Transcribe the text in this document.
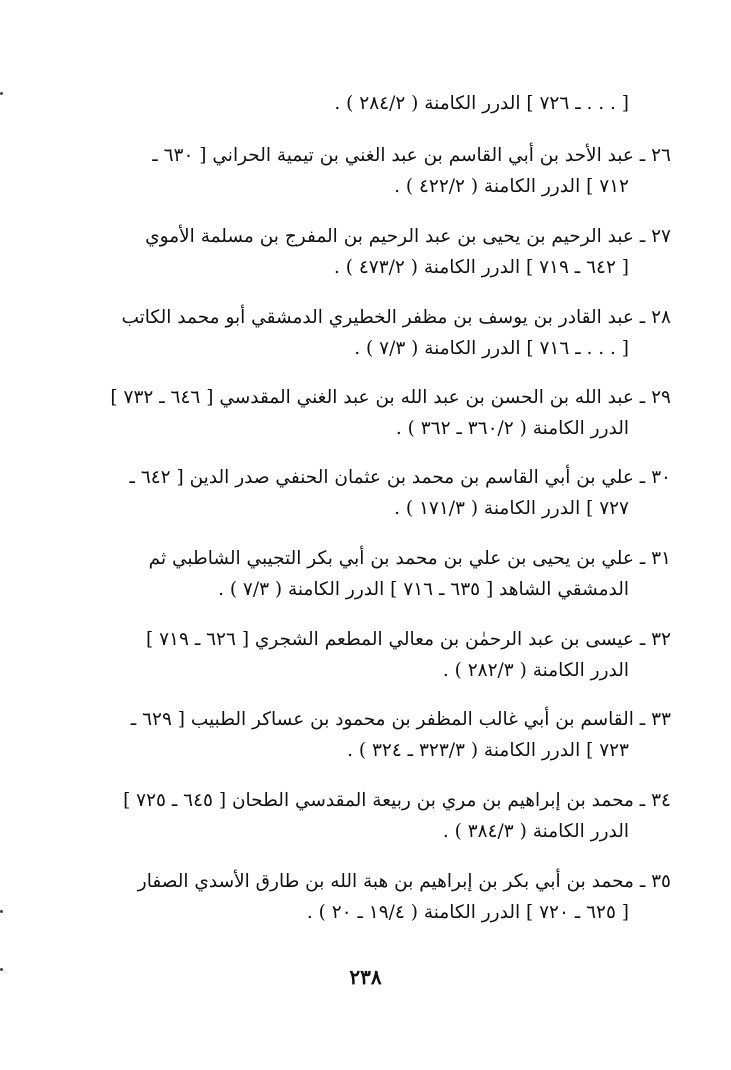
[ . . . ـ ٧٢٦ ] الدرر الكامنة ( ٢٨٤/٢ ) .
٢٦ ـ عبد الأحد بن أبي القاسم بن عبد الغني بن تيمية الحراني [ ٦٣٠ ـ
٧١٢ ] الدرر الكامنة ( ٤٢٢/٢ ) .
٢٧ ـ عبد الرحيم بن يحيى بن عبد الرحيم بن المفرج بن مسلمة الأموي
[ ٦٤٢ ـ ٧١٩ ] الدرر الكامنة ( ٤٧٣/٢ ) .
٢٨ ـ عبد القادر بن يوسف بن مظفر الخطيري الدمشقي أبو محمد الكاتب
[ . . . ـ ٧١٦ ] الدرر الكامنة ( ٧/٣ ) .
٢٩ ـ عبد الله بن الحسن بن عبد الله بن عبد الغني المقدسي [ ٦٤٦ ـ ٧٣٢ ]
الدرر الكامنة ( ٣٦٠/٢ ـ ٣٦٢ ) .
٣٠ ـ علي بن أبي القاسم بن محمد بن عثمان الحنفي صدر الدين [ ٦٤٢ ـ
٧٢٧ ] الدرر الكامنة ( ١٧١/٣ ) .
٣١ ـ علي بن يحيى بن علي بن محمد بن أبي بكر التجيبي الشاطبي ثم
الدمشقي الشاهد [ ٦٣٥ ـ ٧١٦ ] الدرر الكامنة ( ٧/٣ ) .
٣٢ ـ عيسى بن عبد الرحمٰن بن معالي المطعم الشجري [ ٦٢٦ ـ ٧١٩ ]
الدرر الكامنة ( ٢٨٢/٣ ) .
٣٣ ـ القاسم بن أبي غالب المظفر بن محمود بن عساكر الطبيب [ ٦٢٩ ـ
٧٢٣ ] الدرر الكامنة ( ٣٢٣/٣ ـ ٣٢٤ ) .
٣٤ ـ محمد بن إبراهيم بن مري بن ربيعة المقدسي الطحان [ ٦٤٥ ـ ٧٢٥ ]
الدرر الكامنة ( ٣٨٤/٣ ) .
٣٥ ـ محمد بن أبي بكر بن إبراهيم بن هبة الله بن طارق الأسدي الصفار
[ ٦٢٥ ـ ٧٢٠ ] الدرر الكامنة ( ١٩/٤ ـ ٢٠ ) .
٢٣٨
